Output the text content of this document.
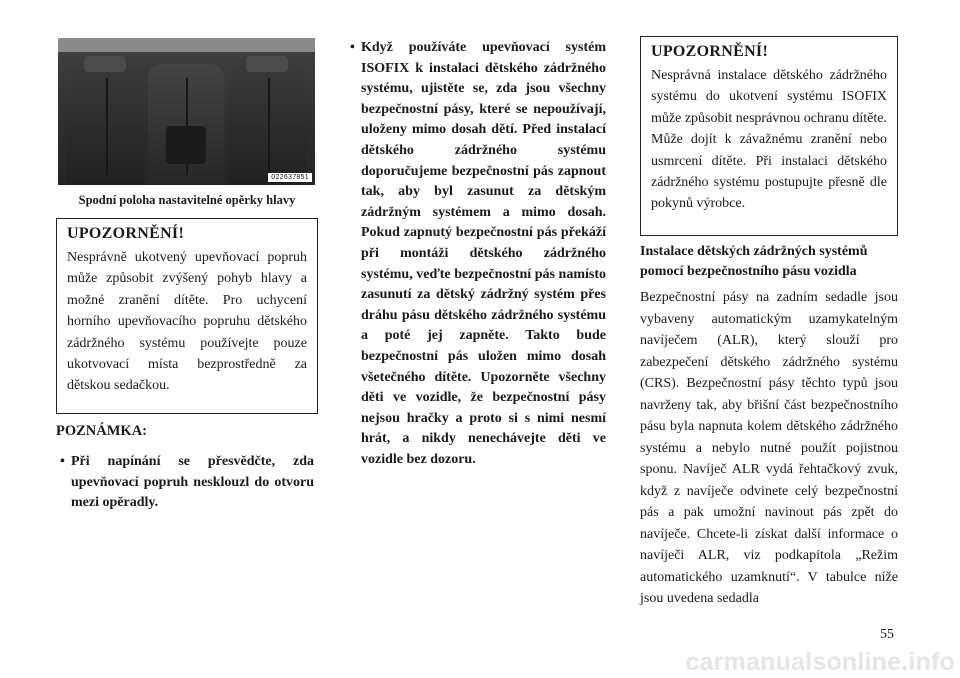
022637851
Spodní poloha nastavitelné opěrky hlavy
UPOZORNĚNÍ!

Nesprávně ukotvený upevňovací popruh může způsobit zvýšený pohyb hlavy a možné zranění dítěte. Pro uchycení horního upevňovacího popruhu dětského zádržného systému používejte pouze ukotvovací místa bezprostředně za dětskou sedačkou.

POZNÁMKA:
• Při napínání se přesvědčte, zda upevňovací popruh nesklouzl do otvoru mezi opěradly.
• Když používáte upevňovací systém ISOFIX k instalaci dětského zádržného systému, ujistěte se, zda jsou všechny bezpečnostní pásy, které se nepoužívají, uloženy mimo dosah dětí. Před instalací dětského zádržného systému doporučujeme bezpečnostní pás zapnout tak, aby byl zasunut za dětským zádržným systémem a mimo dosah. Pokud zapnutý bezpečnostní pás překáží při montáži dětského zádržného systému, veďte bezpečnostní pás namísto zasunutí za dětský zádržný systém přes dráhu pásu dětského zádržného systému a poté jej zapněte. Takto bude bezpečnostní pás uložen mimo dosah všetečného dítěte. Upozorněte všechny děti ve vozidle, že bezpečnostní pásy nejsou hračky a proto si s nimi nesmí hrát, a nikdy nenechávejte děti ve vozidle bez dozoru.
UPOZORNĚNÍ!

Nesprávná instalace dětského zádržného systému do ukotvení systému ISOFIX může způsobit nesprávnou ochranu dítěte. Může dojít k závažnému zranění nebo usmrcení dítěte. Při instalaci dětského zádržného systému postupujte přesně dle pokynů výrobce.

Instalace dětských zádržných systémů pomocí bezpečnostního pásu vozidla

Bezpečnostní pásy na zadním sedadle jsou vybaveny automatickým uzamykatelným navíječem (ALR), který slouží pro zabezpečení dětského zádržného systému (CRS). Bezpečnostní pásy těchto typů jsou navrženy tak, aby břišní část bezpečnostního pásu byla napnuta kolem dětského zádržného systému a nebylo nutné použít pojistnou sponu. Navíječ ALR vydá řehtačkový zvuk, když z navíječe odvinete celý bezpečnostní pás a pak umožní navinout pás zpět do navíječe. Chcete-li získat další informace o navíječi ALR, viz podkapitola „Režim automatického uzamknutí“. V tabulce níže jsou uvedena sedadla

55
carmanualsonline.info
